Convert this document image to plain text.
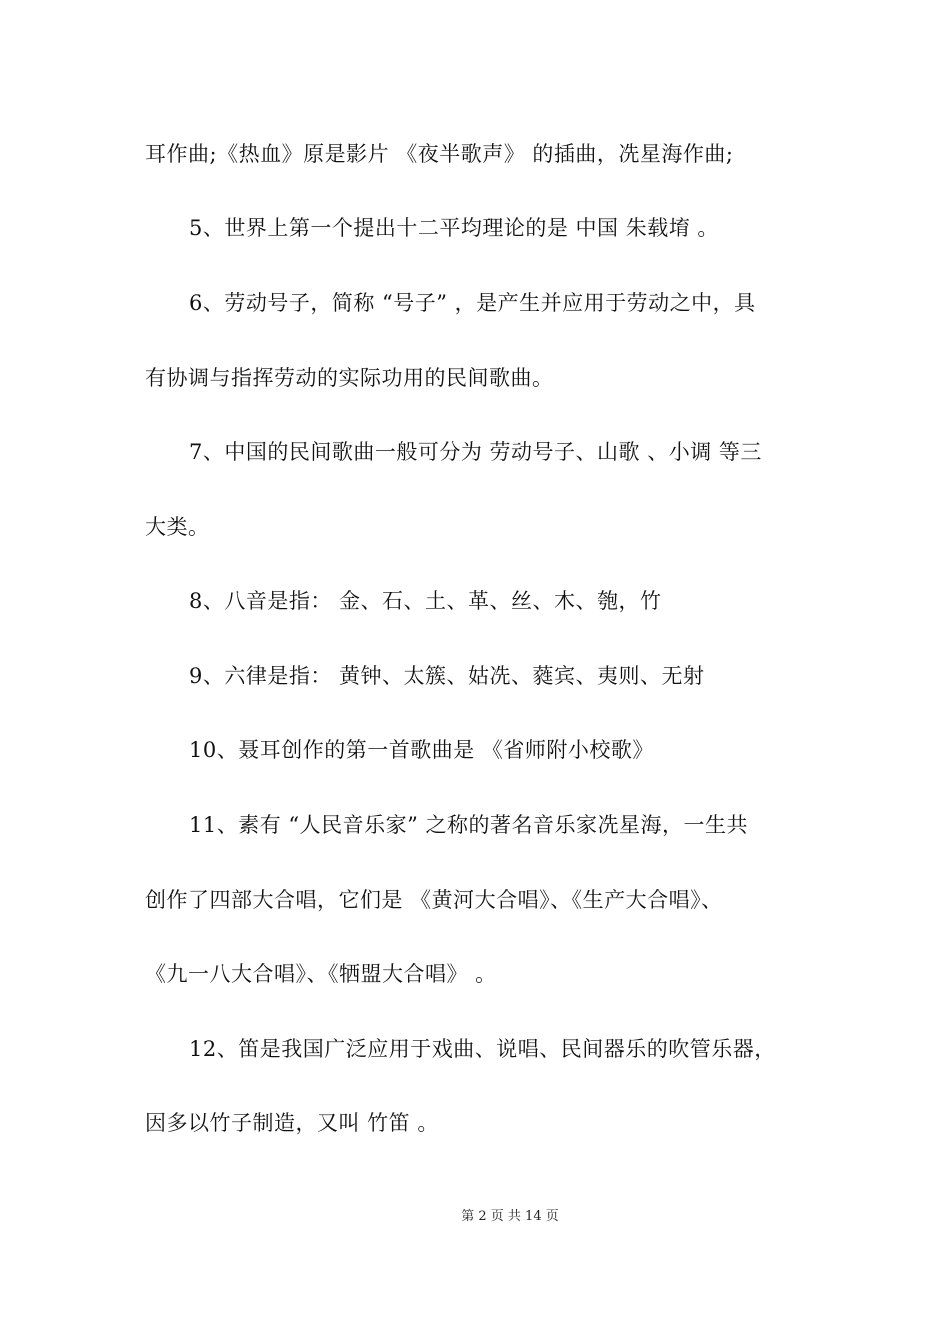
耳作曲;《热血》原是影片 《夜半歌声》 的插曲，冼星海作曲;
5、世界上第一个提出十二平均理论的是 中国 朱载堉 。
6、劳动号子，简称 “号子” ，是产生并应用于劳动之中，具
有协调与指挥劳动的实际功用的民间歌曲。
7、中国的民间歌曲一般可分为 劳动号子、山歌 、小调 等三
大类。
8、八音是指： 金、石、土、革、丝、木、匏，竹
9、六律是指： 黄钟、太簇、姑冼、蕤宾、夷则、无射
10、聂耳创作的第一首歌曲是 《省师附小校歌》
11、素有 “人民音乐家” 之称的著名音乐家冼星海，一生共
创作了四部大合唱，它们是 《黄河大合唱》、《生产大合唱》、
《九一八大合唱》、《牺盟大合唱》 。
12、笛是我国广泛应用于戏曲、说唱、民间器乐的吹管乐器，
因多以竹子制造，又叫 竹笛 。
第 2 页 共 14 页
